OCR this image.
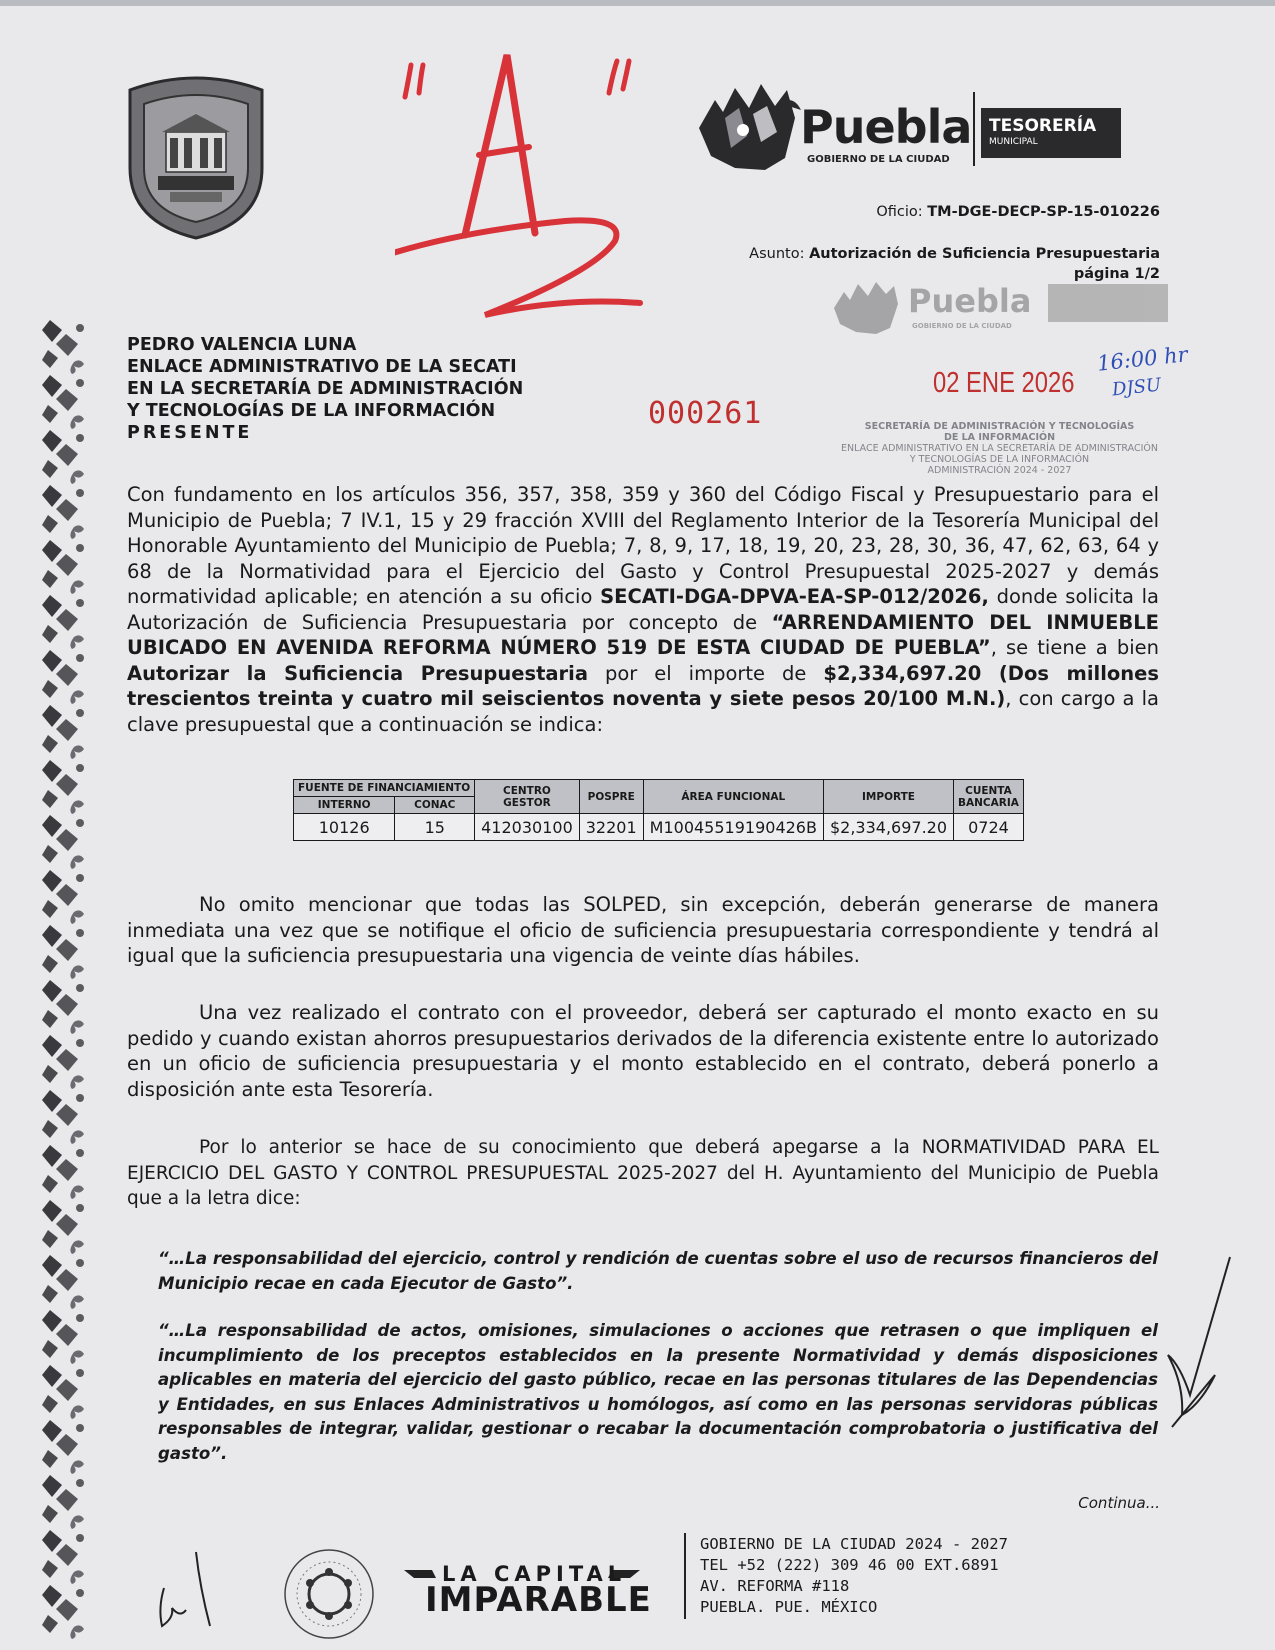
Puebla
GOBIERNO DE LA CIUDAD
TESORERÍA
MUNICIPAL
Puebla
GOBIERNO DE LA CIUDAD
Oficio: TM-DGE-DECP-SP-15-010226
Asunto: Autorización de Suficiencia Presupuestaria
página 1/2
PEDRO VALENCIA LUNA
ENLACE ADMINISTRATIVO DE LA SECATI
EN LA SECRETARÍA DE ADMINISTRACIÓN
Y TECNOLOGÍAS DE LA INFORMACIÓN
PRESENTE
000261
02 ENE 2026
16:00 hr
DJSU
SECRETARÍA DE ADMINISTRACIÓN Y TECNOLOGÍAS
DE LA INFORMACIÓN
ENLACE ADMINISTRATIVO EN LA SECRETARÍA DE ADMINISTRACIÓN
Y TECNOLOGÍAS DE LA INFORMACIÓN
ADMINISTRACIÓN 2024 - 2027
Con fundamento en los artículos 356, 357, 358, 359 y 360 del Código Fiscal y Presupuestario para el Municipio de Puebla; 7 IV.1, 15 y 29 fracción XVIII del Reglamento Interior de la Tesorería Municipal del Honorable Ayuntamiento del Municipio de Puebla; 7, 8, 9, 17, 18, 19, 20, 23, 28, 30, 36, 47, 62, 63, 64 y 68 de la Normatividad para el Ejercicio del Gasto y Control Presupuestal 2025-2027 y demás normatividad aplicable; en atención a su oficio SECATI-DGA-DPVA-EA-SP-012/2026, donde solicita la Autorización de Suficiencia Presupuestaria por concepto de “ARRENDAMIENTO DEL INMUEBLE UBICADO EN AVENIDA REFORMA NÚMERO 519 DE ESTA CIUDAD DE PUEBLA”, se tiene a bien Autorizar la Suficiencia Presupuestaria por el importe de $2,334,697.20 (Dos millones trescientos treinta y cuatro mil seiscientos noventa y siete pesos 20/100 M.N.), con cargo a la clave presupuestal que a continuación se indica:
FUENTE DE FINANCIAMIENTO		CENTRO GESTOR	POSPRE	ÁREA FUNCIONAL	IMPORTE	CUENTA BANCARIA
INTERNO	CONAC					
10126	15	412030100	32201	M10045519190426B	$2,334,697.20	0724
No omito mencionar que todas las SOLPED, sin excepción, deberán generarse de manera inmediata una vez que se notifique el oficio de suficiencia presupuestaria correspondiente y tendrá al igual que la suficiencia presupuestaria una vigencia de veinte días hábiles.
Una vez realizado el contrato con el proveedor, deberá ser capturado el monto exacto en su pedido y cuando existan ahorros presupuestarios derivados de la diferencia existente entre lo autorizado en un oficio de suficiencia presupuestaria y el monto establecido en el contrato, deberá ponerlo a disposición ante esta Tesorería.
Por lo anterior se hace de su conocimiento que deberá apegarse a la NORMATIVIDAD PARA EL EJERCICIO DEL GASTO Y CONTROL PRESUPUESTAL 2025-2027 del H. Ayuntamiento del Municipio de Puebla que a la letra dice:
“…La responsabilidad del ejercicio, control y rendición de cuentas sobre el uso de recursos financieros del Municipio recae en cada Ejecutor de Gasto”.
“…La responsabilidad de actos, omisiones, simulaciones o acciones que retrasen o que impliquen el incumplimiento de los preceptos establecidos en la presente Normatividad y demás disposiciones aplicables en materia del ejercicio del gasto público, recae en las personas titulares de las Dependencias y Entidades, en sus Enlaces Administrativos u homólogos, así como en las personas servidoras públicas responsables de integrar, validar, gestionar o recabar la documentación comprobatoria o justificativa del gasto”.
Continua...
LA CAPITAL
IMPARABLE
GOBIERNO DE LA CIUDAD 2024 - 2027
TEL +52 (222) 309 46 00 EXT.6891
AV. REFORMA #118
PUEBLA. PUE. MÉXICO
